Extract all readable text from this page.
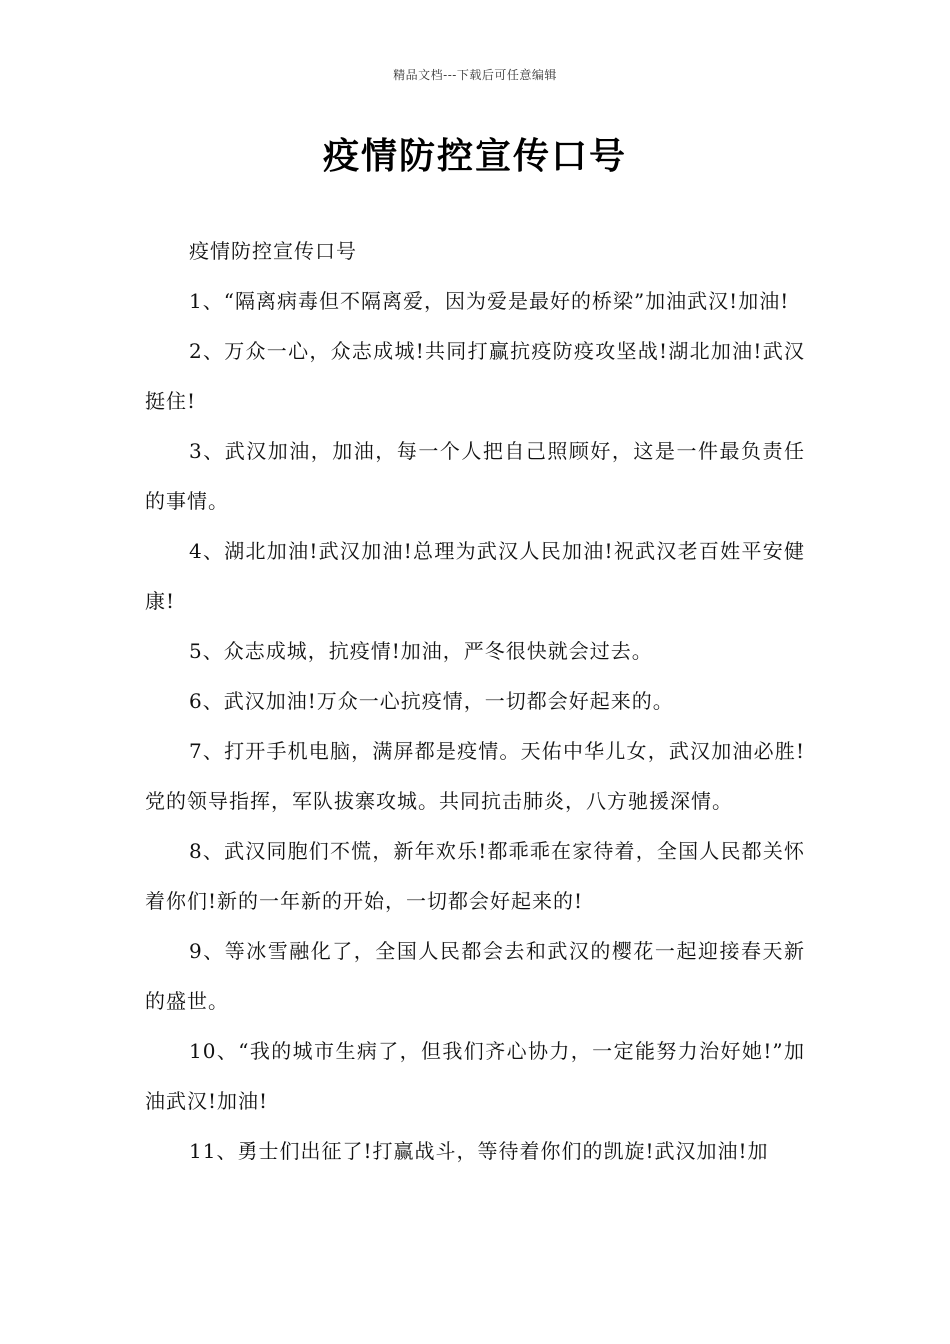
精品文档---下载后可任意编辑
疫情防控宣传口号

疫情防控宣传口号

1、“隔离病毒但不隔离爱，因为爱是最好的桥梁”加油武汉!加油!

2、万众一心，众志成城!共同打赢抗疫防疫攻坚战!湖北加油!武汉挺住!

3、武汉加油，加油，每一个人把自己照顾好，这是一件最负责任的事情。

4、湖北加油!武汉加油!总理为武汉人民加油!祝武汉老百姓平安健康!

5、众志成城，抗疫情!加油，严冬很快就会过去。

6、武汉加油!万众一心抗疫情，一切都会好起来的。

7、打开手机电脑，满屏都是疫情。天佑中华儿女，武汉加油必胜!党的领导指挥，军队拔寨攻城。共同抗击肺炎，八方驰援深情。

8、武汉同胞们不慌，新年欢乐!都乖乖在家待着，全国人民都关怀着你们!新的一年新的开始，一切都会好起来的!

9、等冰雪融化了，全国人民都会去和武汉的樱花一起迎接春天新的盛世。

10、“我的城市生病了，但我们齐心协力，一定能努力治好她!”加油武汉!加油!

11、勇士们出征了!打赢战斗，等待着你们的凯旋!武汉加油!加
